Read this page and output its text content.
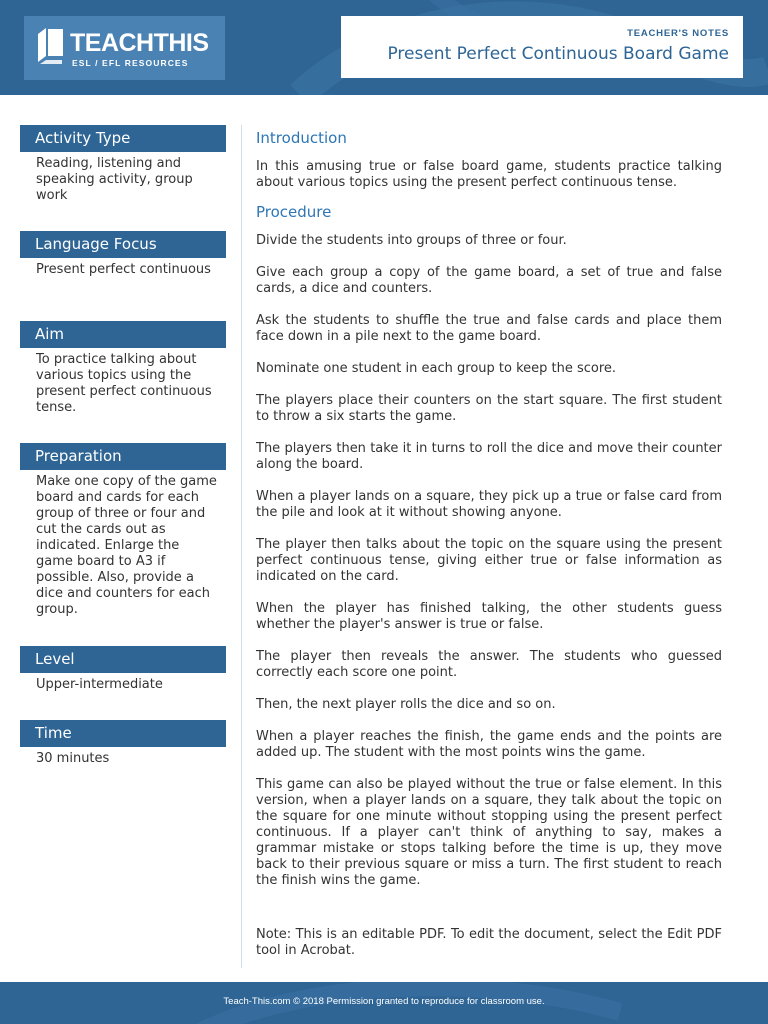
TEACHTHIS
ESL / EFL RESOURCES
TEACHER'S NOTES
Present Perfect Continuous Board Game
Activity Type
Reading, listening and speaking activity, group work
Language Focus
Present perfect continuous
Aim
To practice talking about various topics using the present perfect continuous tense.
Preparation
Make one copy of the game board and cards for each group of three or four and cut the cards out as indicated. Enlarge the game board to A3 if possible. Also, provide a dice and counters for each group.
Level
Upper-intermediate
Time
30 minutes
Introduction

In this amusing true or false board game, students practice talking about various topics using the present perfect continuous tense.

Procedure

Divide the students into groups of three or four.

Give each group a copy of the game board, a set of true and false cards, a dice and counters.

Ask the students to shuffle the true and false cards and place them face down in a pile next to the game board.

Nominate one student in each group to keep the score.

The players place their counters on the start square. The first student to throw a six starts the game.

The players then take it in turns to roll the dice and move their counter along the board.

When a player lands on a square, they pick up a true or false card from the pile and look at it without showing anyone.

The player then talks about the topic on the square using the present perfect continuous tense, giving either true or false information as indicated on the card.

When the player has finished talking, the other students guess whether the player's answer is true or false.

The player then reveals the answer. The students who guessed correctly each score one point.

Then, the next player rolls the dice and so on.

When a player reaches the finish, the game ends and the points are added up. The student with the most points wins the game.

This game can also be played without the true or false element. In this version, when a player lands on a square, they talk about the topic on the square for one minute without stopping using the present perfect continuous. If a player can't think of anything to say, makes a grammar mistake or stops talking before the time is up, they move back to their previous square or miss a turn. The first student to reach the finish wins the game.

Note: This is an editable PDF. To edit the document, select the Edit PDF tool in Acrobat.

Teach-This.com © 2018 Permission granted to reproduce for classroom use.
